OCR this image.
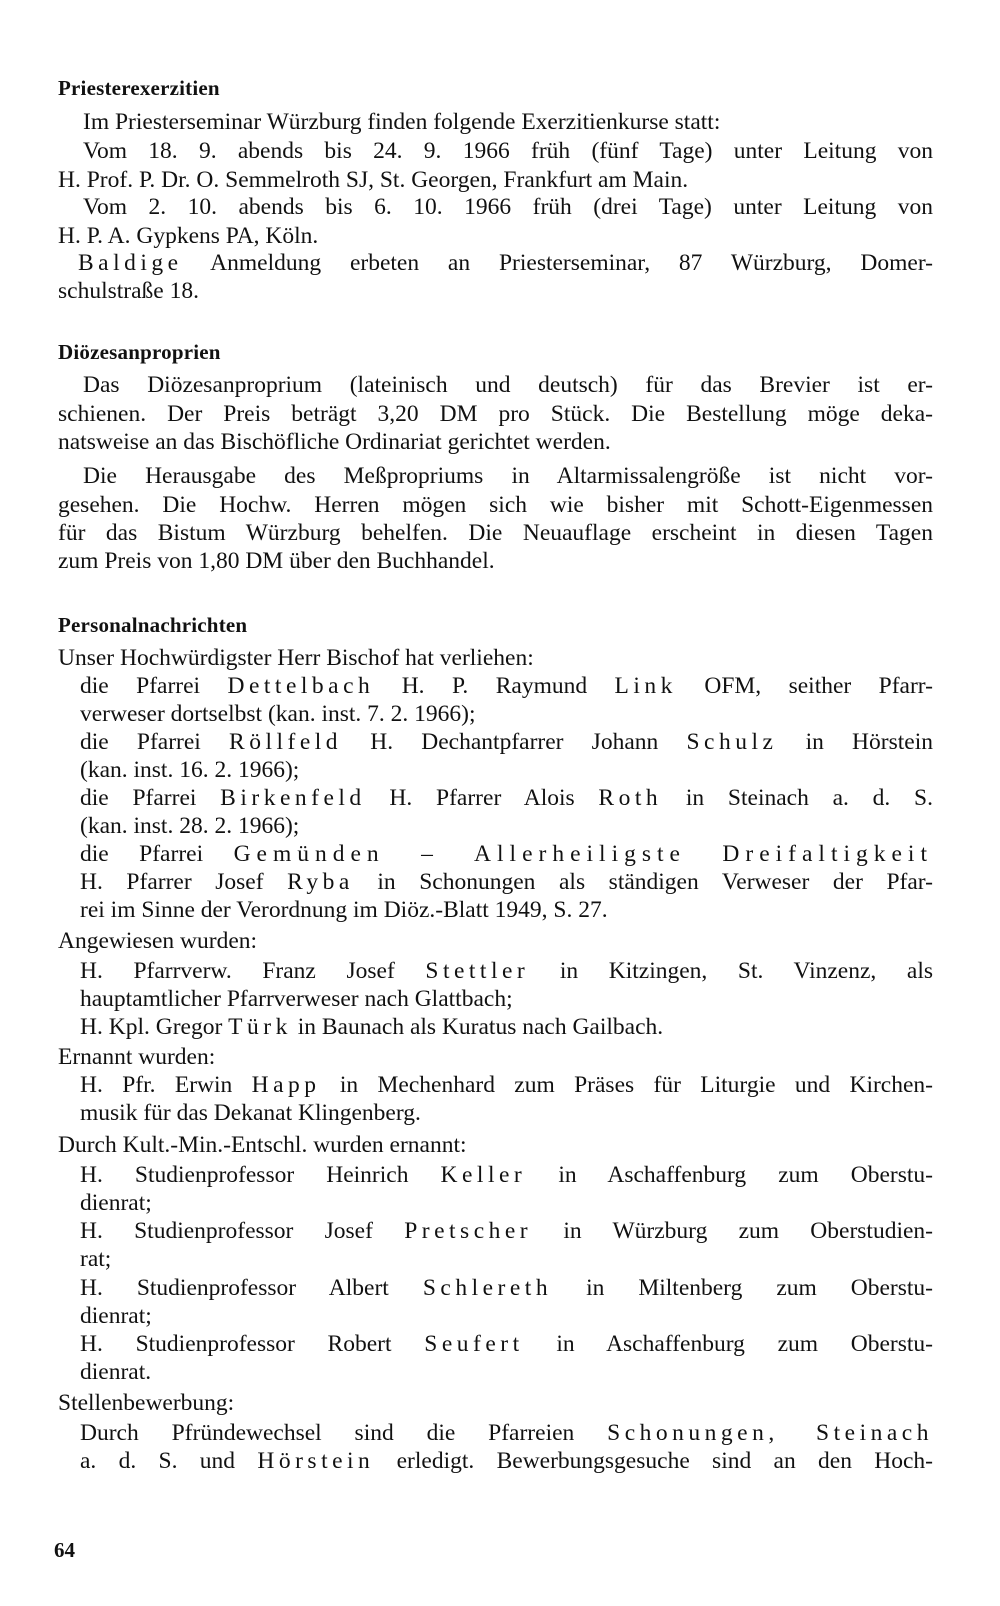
Priesterexerzitien
Im Priesterseminar Würzburg finden folgende Exerzitienkurse statt:
Vom 18. 9. abends bis 24. 9. 1966 früh (fünf Tage) unter Leitung von
H. Prof. P. Dr. O. Semmelroth SJ, St. Georgen, Frankfurt am Main.
Vom 2. 10. abends bis 6. 10. 1966 früh (drei Tage) unter Leitung von
H. P. A. Gypkens PA, Köln.
Baldige Anmeldung erbeten an Priesterseminar, 87 Würzburg, Domer-
schulstraße 18.
Diözesanproprien
Das Diözesanproprium (lateinisch und deutsch) für das Brevier ist er-
schienen. Der Preis beträgt 3,20 DM pro Stück. Die Bestellung möge deka-
natsweise an das Bischöfliche Ordinariat gerichtet werden.
Die Herausgabe des Meßpropriums in Altarmissalengröße ist nicht vor-
gesehen. Die Hochw. Herren mögen sich wie bisher mit Schott-Eigenmessen
für das Bistum Würzburg behelfen. Die Neuauflage erscheint in diesen Tagen
zum Preis von 1,80 DM über den Buchhandel.
Personalnachrichten
Unser Hochwürdigster Herr Bischof hat verliehen:
die Pfarrei Dettelbach H. P. Raymund Link OFM, seither Pfarr-
verweser dortselbst (kan. inst. 7. 2. 1966);
die Pfarrei Röllfeld H. Dechantpfarrer Johann Schulz in Hörstein
(kan. inst. 16. 2. 1966);
die Pfarrei Birkenfeld H. Pfarrer Alois Roth in Steinach a. d. S.
(kan. inst. 28. 2. 1966);
die Pfarrei Gemünden – Allerheiligste Dreifaltigkeit
H. Pfarrer Josef Ryba in Schonungen als ständigen Verweser der Pfar-
rei im Sinne der Verordnung im Diöz.-Blatt 1949, S. 27.
Angewiesen wurden:
H. Pfarrverw. Franz Josef Stettler in Kitzingen, St. Vinzenz, als
hauptamtlicher Pfarrverweser nach Glattbach;
H. Kpl. Gregor Türk in Baunach als Kuratus nach Gailbach.
Ernannt wurden:
H. Pfr. Erwin Happ in Mechenhard zum Präses für Liturgie und Kirchen-
musik für das Dekanat Klingenberg.
Durch Kult.-Min.-Entschl. wurden ernannt:
H. Studienprofessor Heinrich Keller in Aschaffenburg zum Oberstu-
dienrat;
H. Studienprofessor Josef Pretscher in Würzburg zum Oberstudien-
rat;
H. Studienprofessor Albert Schlereth in Miltenberg zum Oberstu-
dienrat;
H. Studienprofessor Robert Seufert in Aschaffenburg zum Oberstu-
dienrat.
Stellenbewerbung:
Durch Pfründewechsel sind die Pfarreien Schonungen, Steinach
a. d. S. und Hörstein erledigt. Bewerbungsgesuche sind an den Hoch-
64
